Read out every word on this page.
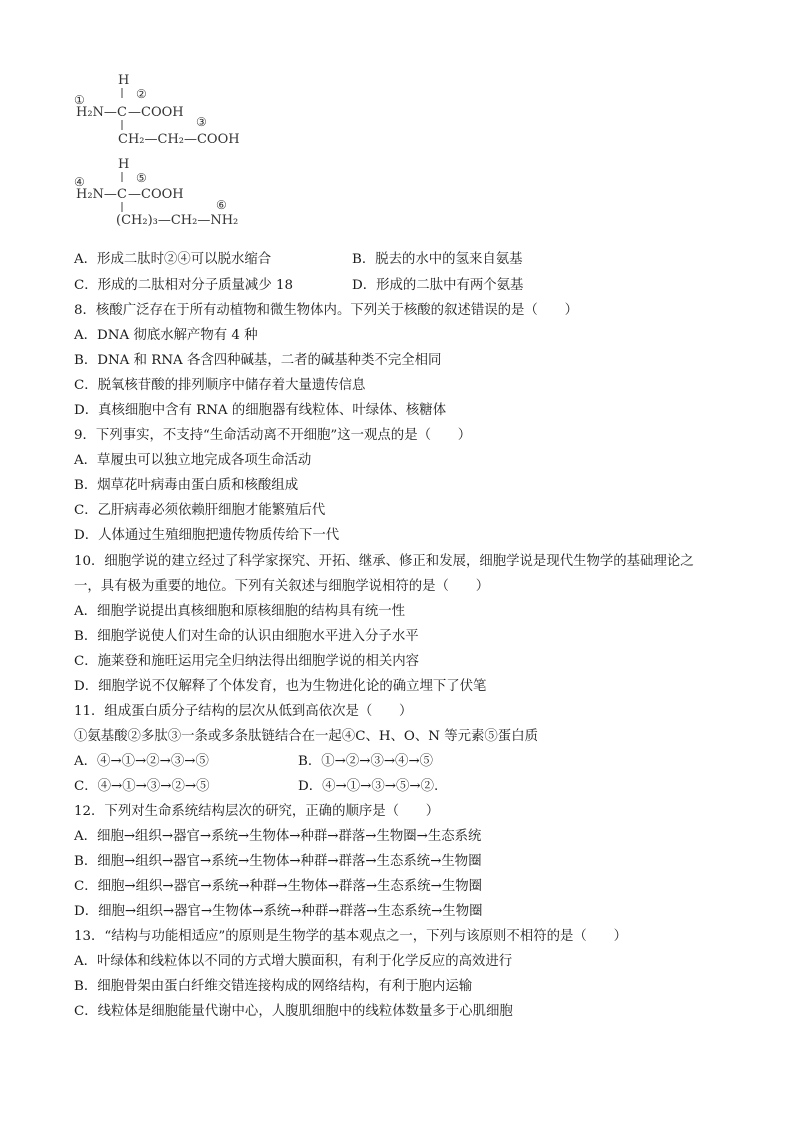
H
①	②
H₂N— C —COOH
③
CH₂—CH₂—COOH
H
④	⑤
H₂N— C —COOH
⑥
(CH₂)₃—CH₂—NH₂
A．形成二肽时②④可以脱水缩合	B．脱去的水中的氢来自氨基
C．形成的二肽相对分子质量减少 18	D．形成的二肽中有两个氨基
8．核酸广泛存在于所有动植物和微生物体内。下列关于核酸的叙述错误的是（　　）
A．DNA 彻底水解产物有 4 种
B．DNA 和 RNA 各含四种碱基，二者的碱基种类不完全相同
C．脱氧核苷酸的排列顺序中储存着大量遗传信息
D．真核细胞中含有 RNA 的细胞器有线粒体、叶绿体、核糖体
9．下列事实，不支持“生命活动离不开细胞”这一观点的是（　　）
A．草履虫可以独立地完成各项生命活动
B．烟草花叶病毒由蛋白质和核酸组成
C．乙肝病毒必须依赖肝细胞才能繁殖后代
D．人体通过生殖细胞把遗传物质传给下一代
10．细胞学说的建立经过了科学家探究、开拓、继承、修正和发展，细胞学说是现代生物学的基础理论之
一，具有极为重要的地位。下列有关叙述与细胞学说相符的是（　　）
A．细胞学说提出真核细胞和原核细胞的结构具有统一性
B．细胞学说使人们对生命的认识由细胞水平进入分子水平
C．施莱登和施旺运用完全归纳法得出细胞学说的相关内容
D．细胞学说不仅解释了个体发育，也为生物进化论的确立埋下了伏笔
11．组成蛋白质分子结构的层次从低到高依次是（　　）
①氨基酸②多肽③一条或多条肽链结合在一起④C、H、O、N 等元素⑤蛋白质
A．④→①→②→③→⑤	B．①→②→③→④→⑤
C．④→①→③→②→⑤	D．④→①→③→⑤→②.
12．下列对生命系统结构层次的研究，正确的顺序是（　　）
A．细胞→组织→器官→系统→生物体→种群→群落→生物圈→生态系统
B．细胞→组织→器官→系统→生物体→种群→群落→生态系统→生物圈
C．细胞→组织→器官→系统→种群→生物体→群落→生态系统→生物圈
D．细胞→组织→器官→生物体→系统→种群→群落→生态系统→生物圈
13．“结构与功能相适应”的原则是生物学的基本观点之一，下列与该原则不相符的是（　　）
A．叶绿体和线粒体以不同的方式增大膜面积，有利于化学反应的高效进行
B．细胞骨架由蛋白纤维交错连接构成的网络结构，有利于胞内运输
C．线粒体是细胞能量代谢中心，人腹肌细胞中的线粒体数量多于心肌细胞
